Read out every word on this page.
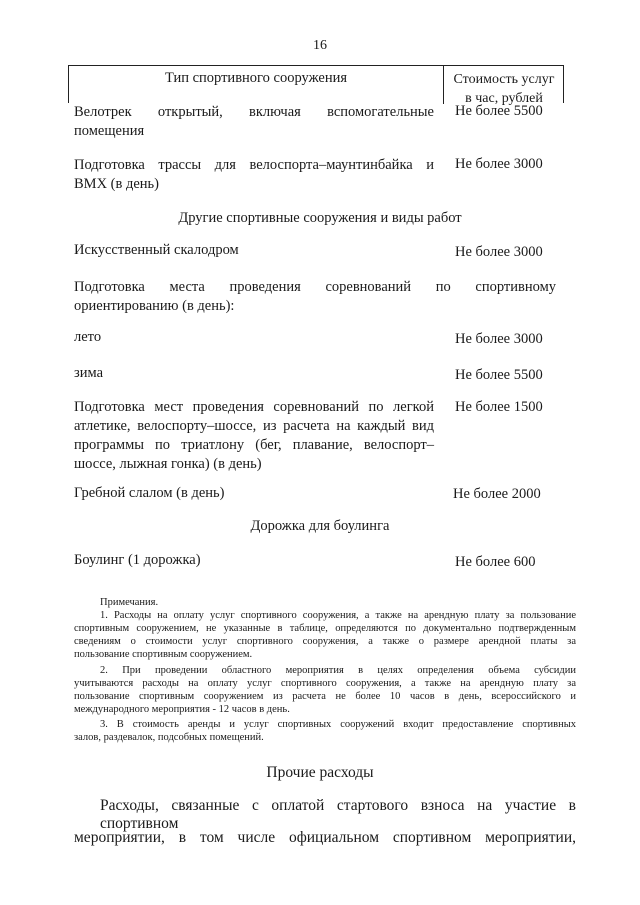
16
Тип спортивного сооружения	Стоимость услуг
в час, рублей
Велотрек открытый, включая вспомогательные
помещения
Не более 5500
Подготовка трассы для велоспорта–маунтинбайка и
ВМХ (в день)
Не более 3000
Другие спортивные сооружения и виды работ
Искусственный скалодром	Не более 3000
Подготовка места проведения соревнований по спортивному
ориентированию (в день):
лето	Не более 3000
зима	Не более 5500
Подготовка мест проведения соревнований по легкой
атлетике, велоспорту–шоссе, из расчета на каждый вид
программы по триатлону (бег, плавание, велоспорт–
шоссе, лыжная гонка) (в день)
Не более 1500
Гребной слалом (в день)	Не более 2000
Дорожка для боулинга
Боулинг (1 дорожка)	Не более 600
Примечания.
1. Расходы на оплату услуг спортивного сооружения, а также на арендную плату за пользование
спортивным сооружением, не указанные в таблице, определяются по документально подтвержденным
сведениям о стоимости услуг спортивного сооружения, а также о размере арендной платы за
пользование спортивным сооружением.
2. При проведении областного мероприятия в целях определения объема субсидии
учитываются расходы на оплату услуг спортивного сооружения, а также на арендную плату за
пользование спортивным сооружением из расчета не более 10 часов в день, всероссийского и
международного мероприятия - 12 часов в день.
3. В стоимость аренды и услуг спортивных сооружений входит предоставление спортивных
залов, раздевалок, подсобных помещений.
Прочие расходы
Расходы, связанные с оплатой стартового взноса на участие в спортивном
мероприятии, в том числе официальном спортивном мероприятии,
